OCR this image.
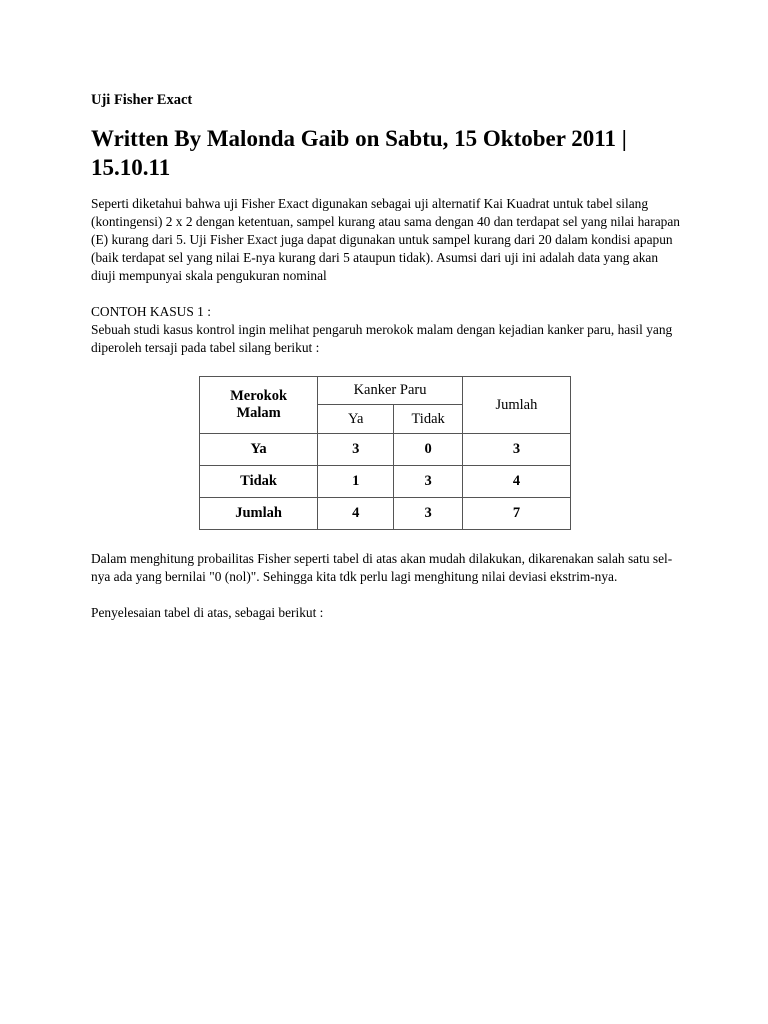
Uji Fisher Exact
Written By Malonda Gaib on Sabtu, 15 Oktober 2011 | 15.10.11

Seperti diketahui bahwa uji Fisher Exact digunakan sebagai uji alternatif Kai Kuadrat untuk tabel silang (kontingensi) 2 x 2 dengan ketentuan, sampel kurang atau sama dengan 40 dan terdapat sel yang nilai harapan (E) kurang dari 5. Uji Fisher Exact juga dapat digunakan untuk sampel kurang dari 20 dalam kondisi apapun (baik terdapat sel yang nilai E-nya kurang dari 5 ataupun tidak). Asumsi dari uji ini adalah data yang akan diuji mempunyai skala pengukuran nominal

CONTOH KASUS 1 :

Sebuah studi kasus kontrol ingin melihat pengaruh merokok malam dengan kejadian kanker paru, hasil yang diperoleh tersaji pada tabel silang berikut :

Merokok
Malam	Kanker Paru		Jumlah
	Ya	Tidak	
Ya	3	0	3
Tidak	1	3	4
Jumlah	4	3	7

Dalam menghitung probailitas Fisher seperti tabel di atas akan mudah dilakukan, dikarenakan salah satu sel-nya ada yang bernilai "0 (nol)". Sehingga kita tdk perlu lagi menghitung nilai deviasi ekstrim-nya.

Penyelesaian tabel di atas, sebagai berikut :
